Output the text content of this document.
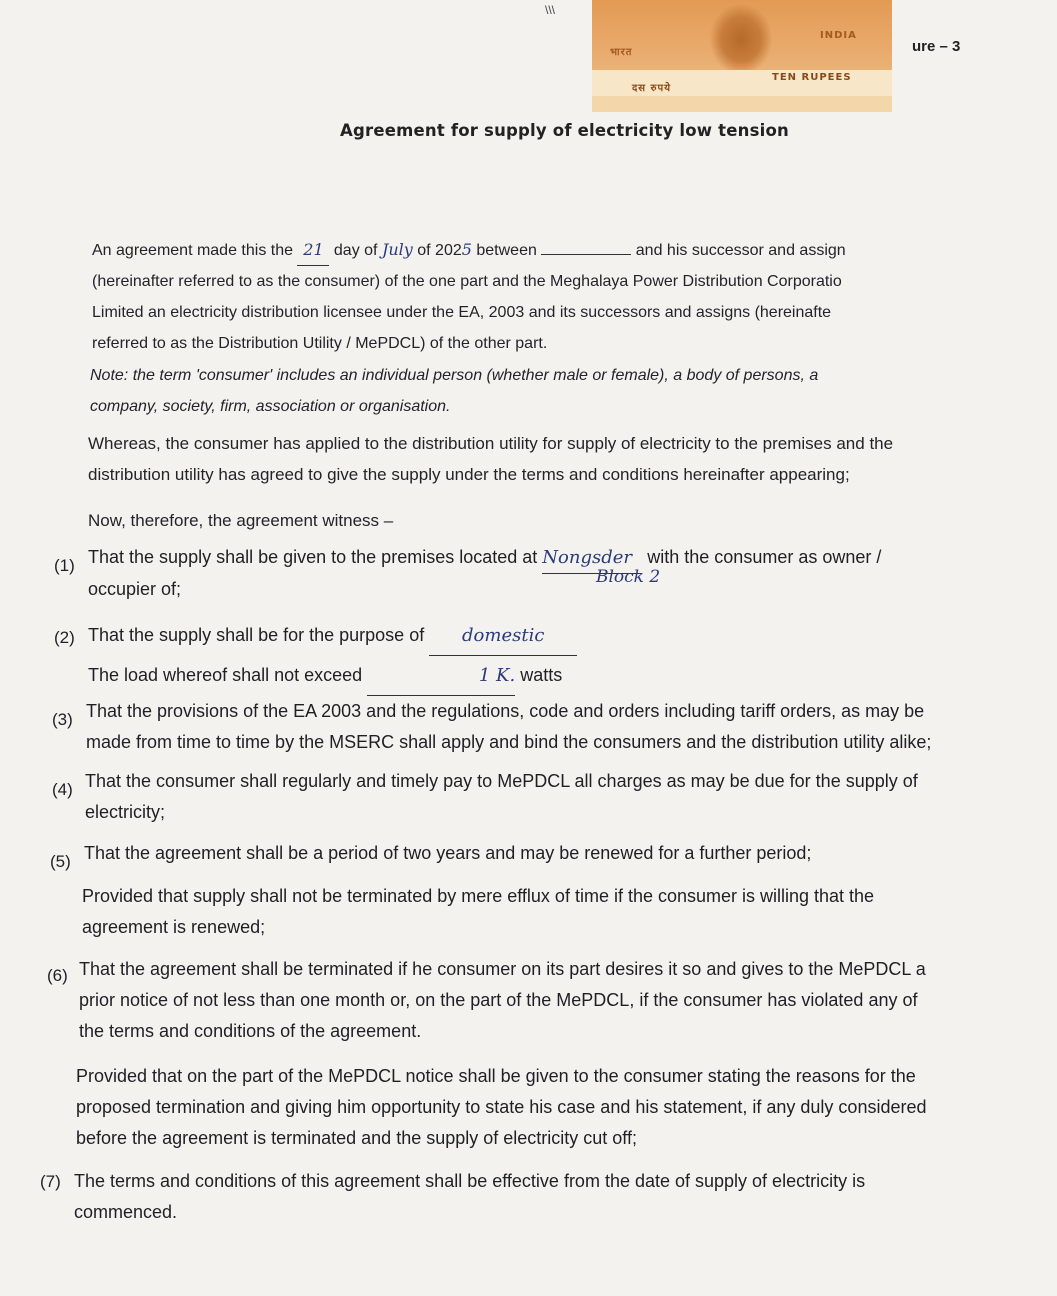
भारत
INDIA
दस रुपये
TEN RUPEES
\\\
ure – 3
Agreement for supply of electricity low tension
An agreement made this the 21 day of July of 2025 between	and his successor and assign
(hereinafter referred to as the consumer) of the one part and the Meghalaya Power Distribution Corporatio
Limited an electricity distribution licensee under the EA, 2003 and its successors and assigns (hereinafte
referred to as the Distribution Utility / MePDCL) of the other part.
Note: the term 'consumer' includes an individual person (whether male or female), a body of persons, a
company, society, firm, association or organisation.
Whereas, the consumer has applied to the distribution utility for supply of electricity to the premises and the
distribution utility has agreed to give the supply under the terms and conditions hereinafter appearing;
Now, therefore, the agreement witness –
(1) That the supply shall be given to the premises located at Nongsder with the consumer as owner /
occupier of;
Block 2
(2) That the supply shall be for the purpose of domestic
The load whereof shall not exceed	1 K. watts
(3) That the provisions of the EA 2003 and the regulations, code and orders including tariff orders, as may be
made from time to time by the MSERC shall apply and bind the consumers and the distribution utility alike;
(4) That the consumer shall regularly and timely pay to MePDCL all charges as may be due for the supply of
electricity;
(5) That the agreement shall be a period of two years and may be renewed for a further period;
Provided that supply shall not be terminated by mere efflux of time if the consumer is willing that the
agreement is renewed;
(6) That the agreement shall be terminated if he consumer on its part desires it so and gives to the MePDCL a
prior notice of not less than one month or, on the part of the MePDCL, if the consumer has violated any of
the terms and conditions of the agreement.
Provided that on the part of the MePDCL notice shall be given to the consumer stating the reasons for the
proposed termination and giving him opportunity to state his case and his statement, if any duly considered
before the agreement is terminated and the supply of electricity cut off;
(7) The terms and conditions of this agreement shall be effective from the date of supply of electricity is
commenced.
